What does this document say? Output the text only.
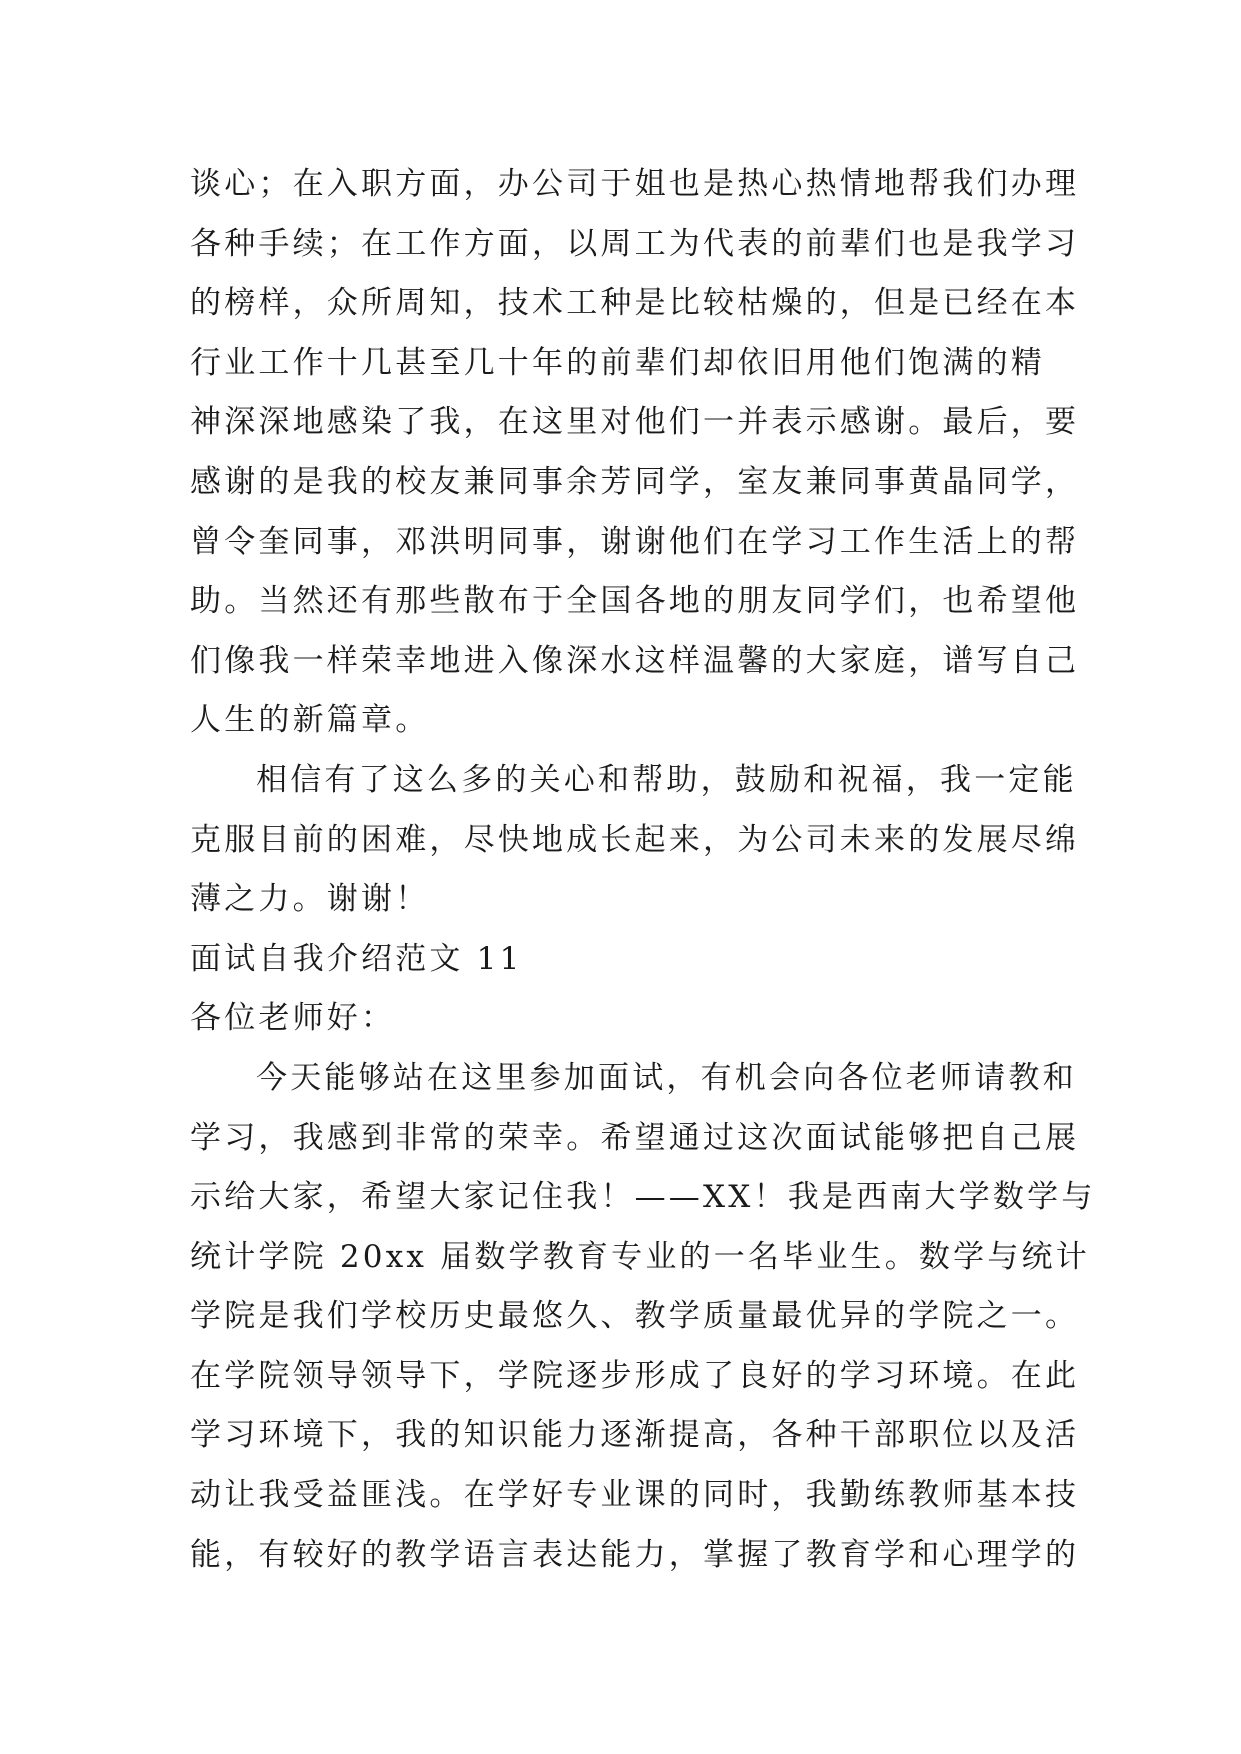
谈心；在入职方面，办公司于姐也是热心热情地帮我们办理
各种手续；在工作方面，以周工为代表的前辈们也是我学习
的榜样，众所周知，技术工种是比较枯燥的，但是已经在本
行业工作十几甚至几十年的前辈们却依旧用他们饱满的精
神深深地感染了我，在这里对他们一并表示感谢。最后，要
感谢的是我的校友兼同事余芳同学，室友兼同事黄晶同学，
曾令奎同事，邓洪明同事，谢谢他们在学习工作生活上的帮
助。当然还有那些散布于全国各地的朋友同学们，也希望他
们像我一样荣幸地进入像深水这样温馨的大家庭，谱写自己
人生的新篇章。
相信有了这么多的关心和帮助，鼓励和祝福，我一定能
克服目前的困难，尽快地成长起来，为公司未来的发展尽绵
薄之力。谢谢！
面试自我介绍范文 11
各位老师好：
今天能够站在这里参加面试，有机会向各位老师请教和
学习，我感到非常的荣幸。希望通过这次面试能够把自己展
示给大家，希望大家记住我！——XX！我是西南大学数学与
统计学院 20xx 届数学教育专业的一名毕业生。数学与统计
学院是我们学校历史最悠久、教学质量最优异的学院之一。
在学院领导领导下，学院逐步形成了良好的学习环境。在此
学习环境下，我的知识能力逐渐提高，各种干部职位以及活
动让我受益匪浅。在学好专业课的同时，我勤练教师基本技
能，有较好的教学语言表达能力，掌握了教育学和心理学的
